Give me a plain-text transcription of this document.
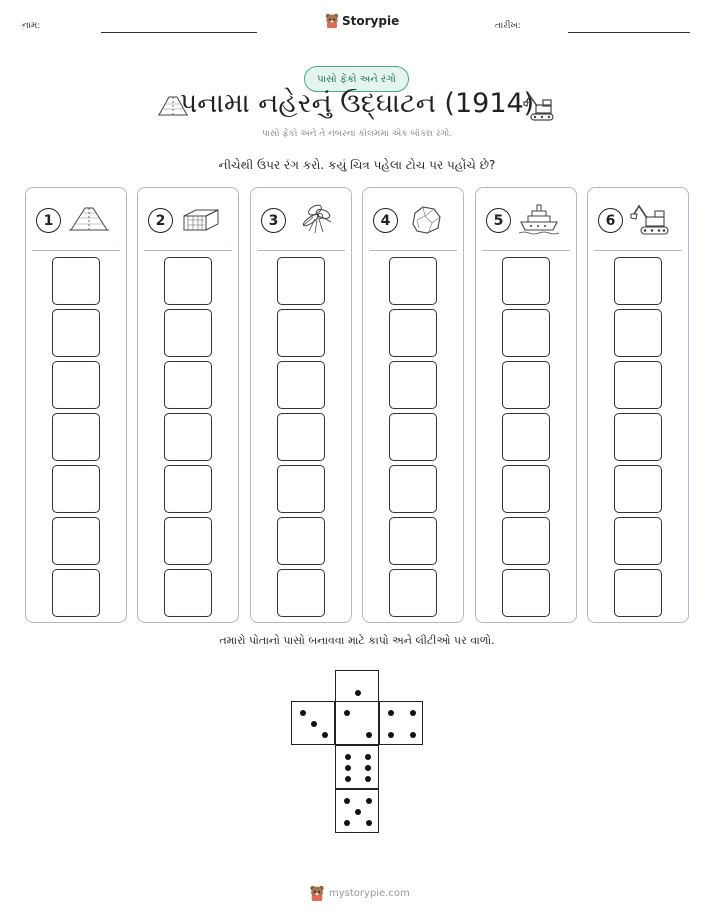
નામ:	Storypie	તારીખ:
પાસો ફેંકો અને રંગો
પનામા નહેરનું ઉદ્ઘાટન (1914)
પાસો ફેંકો અને તે નંબરના કૉલમમાં એક બૉક્સ રંગો.
નીચેથી ઉપર રંગ કરો. કયું ચિત્ર પહેલા ટોચ પર પહોંચે છે?
1	2	3	4	5	6
તમારો પોતાનો પાસો બનાવવા માટે કાપો અને લીટીઓ પર વાળો.
mystorypie.com
